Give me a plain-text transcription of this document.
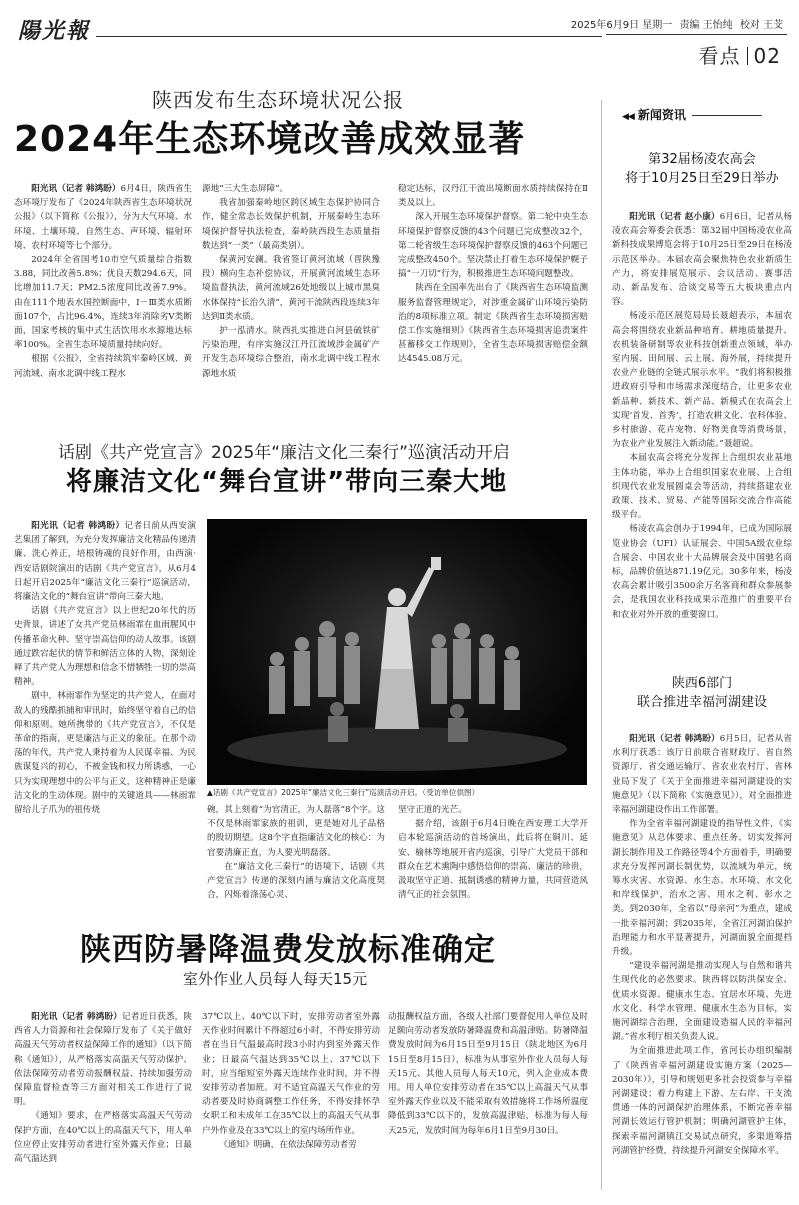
陽光報	2025年6月9日 星期一 责编 王怡纯 校对 王芠
看点 02
陕西发布生态环境状况公报
2024年生态环境改善成效显著

阳光讯（记者 韩鸿盼）6月4日，陕西省生态环境厅发布了《2024年陕西省生态环境状况公报》（以下简称《公报》），分为大气环境、水环境、土壤环境、自然生态、声环境、辐射环境、农村环境等七个部分。

2024年全省国考10市空气质量综合指数3.88，同比改善5.8%；优良天数294.6天，同比增加11.7天；PM2.5浓度同比改善7.9%。由在111个地表水国控断面中，Ⅰ－Ⅲ类水质断面107个，占比96.4%，连续3年消除劣Ⅴ类断面，国家考核的集中式生活饮用水水源地达标率100%。全省生态环境质量持续向好。

根据《公报》，全省持续筑牢秦岭区域、黄河流域、南水北调中线工程水

源地“三大生态屏障”。

我省加强秦岭地区跨区域生态保护协同合作，健全常态长效保护机制，开展秦岭生态环境保护督导执法检查，秦岭陕西段生态质量指数达到“一类”（最高类别）。

保黄河安澜。我省签订黄河流域（晋陕豫段）横向生态补偿协议，开展黄河流域生态环境监督执法，黄河流域26处地级以上城市黑臭水体保持“长治久清”，黄河干流陕西段连续3年达到Ⅱ类水质。

护一泓清水。陕西扎实推进白河县硫铁矿污染治理，有序实施汉江丹江流域涉金属矿产开发生态环境综合整治，南水北调中线工程水源地水质

稳定达标，汉丹江干流出境断面水质持续保持在Ⅱ类及以上。

深入开展生态环境保护督察。第二轮中央生态环境保护督察反馈的43个问题已完成整改32个，第二轮省级生态环境保护督察反馈的463个问题已完成整改450个。坚决禁止打着生态环境保护幌子搞“一刀切”行为，积极推进生态环境问题整改。

陕西在全国率先出台了《陕西省生态环境监测服务监督管理规定》，对涉重金属矿山环境污染防治的8项标准立项。制定《陕西省生态环境损害赔偿工作实施细则》《陕西省生态环境损害追责案件甚蓄移交工作规则》，全省生态环境损害赔偿金额达4545.08万元。

话剧《共产党宣言》2025年“廉洁文化三秦行”巡演活动开启
将廉洁文化“舞台宣讲”带向三秦大地

阳光讯（记者 韩鸿盼）记者日前从西安演艺集团了解到，为充分发挥廉洁文化精品传递清廉、洗心养正，培根铸魂的良好作用，由西演·西安话剧院演出的话剧《共产党宣言》，从6月4日起开启2025年“廉洁文化三秦行”巡演活动，将廉洁文化的“舞台宣讲”带向三秦大地。

话剧《共产党宣言》以上世纪20年代的历史背景，讲述了女共产党员林雨霏在血雨腥风中传播革命火种、坚守崇高信仰的动人故事。该剧通过跌宕起伏的情节和鲜活立体的人物，深刻诠释了共产党人为理想和信念不惜牺牲一切的崇高精神。

剧中，林雨霏作为坚定的共产党人，在面对敌人的残酷抓捕和审讯时，始终坚守着自己的信仰和原则。她所携带的《共产党宣言》，不仅是革命的指南，更是廉洁与正义的象征。在那个动荡的年代，共产党人秉持着为人民谋幸福、为民族谋复兴的初心，不被金钱和权力所诱惑，一心只为实现理想中的公平与正义，这种精神正是廉洁文化的生动体现。剧中的关键道具——林雨霏留给儿子爪为的祖传烧

▲话剧《共产党宣言》2025年“廉洁文化三秦行”巡演活动开启。（受访单位供图）

碗，其上刻着“为官清正，为人磊落”8个字。这不仅是林雨霏家族的祖训，更是她对儿子品格的殷切期望。这8个字直指廉洁文化的核心：为官要清廉正直，为人要光明磊落。

在“廉洁文化三秦行”的语境下，话剧《共产党宣言》传递的深刻内涵与廉洁文化高度契合，闪烁着涤荡心灵、

坚守正道的光芒。

据介绍，该剧于6月4日晚在西安理工大学开启本轮巡演活动的首场演出，此后将在铜川、延安、榆林等地展开省内巡演，引导广大党员干部和群众在艺术熏陶中感悟信仰的崇高、廉洁的珍贵，汲取坚守正道、抵制诱惑的精神力量，共同营造风清气正的社会氛围。

陕西防暑降温费发放标准确定
室外作业人员每人每天15元

阳光讯（记者 韩鸿盼）记者近日获悉，陕西省人力资源和社会保障厅发布了《关于做好高温天气劳动者权益保障工作的通知》（以下简称《通知》），从严格落实高温天气劳动保护、依法保障劳动者劳动报酬权益、持续加强劳动保障监督检查等三方面对相关工作进行了说明。

《通知》要求，在严格落实高温天气劳动保护方面，在40℃以上的高温天气下，用人单位应停止安排劳动者进行室外露天作业；日最高气温达到

37℃以上、40℃以下时，安排劳动者室外露天作业时间累计不得超过6小时，不得安排劳动者在当日气温最高时段3小时内到室外露天作业；日最高气温达到35℃以上、37℃以下时，应当缩短室外露天连续作业时间，并不得安排劳动者加班。对不适宜高温天气作业的劳动者要及时协商调整工作任务，不得安排怀孕女职工和未成年工在35℃以上的高温天气从事户外作业及在33℃以上的室内场所作业。

《通知》明确，在依法保障劳动者劳

动报酬权益方面，各级人社部门要督促用人单位及时足额向劳动者发放防暑降温费和高温津贴。防暑降温费发放时间为6月15日至9月15日（陕北地区为6月15日至8月15日），标准为从事室外作业人员每人每天15元、其他人员每人每天10元，列入企业成本费用。用人单位安排劳动者在35℃以上高温天气从事室外露天作业以及不能采取有效措施将工作场所温度降低到33℃以下的，发放高温津贴，标准为每人每天25元，发放时间为每年6月1日至9月30日。

◀◀ 新闻资讯
第32届杨凌农高会
将于10月25日至29日举办

阳光讯（记者 赵小康）6月6日，记者从杨凌农高会筹委会获悉：第32届中国杨凌农业高新科技成果博览会将于10月25日至29日在杨凌示范区举办。本届农高会聚焦特色农业新质生产力，将安排展览展示、会议活动、赛事活动、新品发布、洽谈交易等五大板块重点内容。

杨凌示范区展览局局长聂超表示，本届农高会将围绕农业新品种培育、耕地质量提升、农机装备研制等农业科技创新重点领域，举办室内展、田间展、云上展、海外展，持续提升农业产业链的全链式展示水平。“我们将积极推进政府引导和市场需求深度结合，让更多农业新品种、新技术、新产品、新模式在农高会上实现‘首发、首秀’，打造农耕文化、农科体验、乡村旅游、花卉宠物、好物美食等消费场景，为农业产业发展注入新动能。”聂超说。

本届农高会将充分发挥上合组织农业基地主体功能，举办上合组织国家农业展、上合组织现代农业发展圆桌会等活动，持续搭建农业政策、技术、贸易、产能等国际交流合作高能级平台。

杨凌农高会创办于1994年，已成为国际展览业协会（UFI）认证展会、中国5A级农业综合展会、中国农业十大品牌展会及中国驰名商标，品牌价值达871.19亿元。30多年来，杨凌农高会累计吸引3500余万名客商和群众参展参会，是我国农业科技成果示范推广的重要平台和农业对外开放的重要窗口。

陕西6部门
联合推进幸福河湖建设

阳光讯（记者 韩鸿盼）6月5日，记者从省水利厅获悉：该厅日前联合省财政厅、省自然资源厅、省交通运输厅、省农业农村厅、省林业局下发了《关于全面推进幸福河湖建设的实施意见》（以下简称《实施意见》），对全面推进幸福河湖建设作出工作部署。

作为全省幸福河湖建设的指导性文件，《实施意见》从总体要求、重点任务、切实发挥河湖长制作用及工作路径等4个方面着手，明确要求充分发挥河湖长制优势，以流域为单元，统筹水灾害、水资源、水生态、水环境、水文化和岸线保护，治水之害、用水之利、彰水之美。到2030年，全省以“母亲河”为重点，建成一批幸福河湖；到2035年，全省江河湖泊保护治理能力和水平显著提升，河湖面貌全面提档升级。

“建设幸福河湖是推动实现人与自然和谐共生现代化的必然要求。陕西将以防洪保安全、优质水资源、健康水生态、宜居水环境、先进水文化、科学水管理、健康水生态为目标，实施河湖综合治理，全面建设造福人民的幸福河湖。”省水利厅相关负责人说。

为全面推进此项工作，省河长办组织编制了《陕西省幸福河湖建设实施方案（2025—2030年）》，引导和规划更多社会投资参与幸福河湖建设；着力构建上下游、左右岸、干支流贯通一体的河湖保护治理体系，不断完善幸福河湖长效运行管护机制；明确河湖管护主体，探索幸福河湖镇江交易试点研究，多渠道筹措河湖管护经费，持续提升河湖安全保障水平。
